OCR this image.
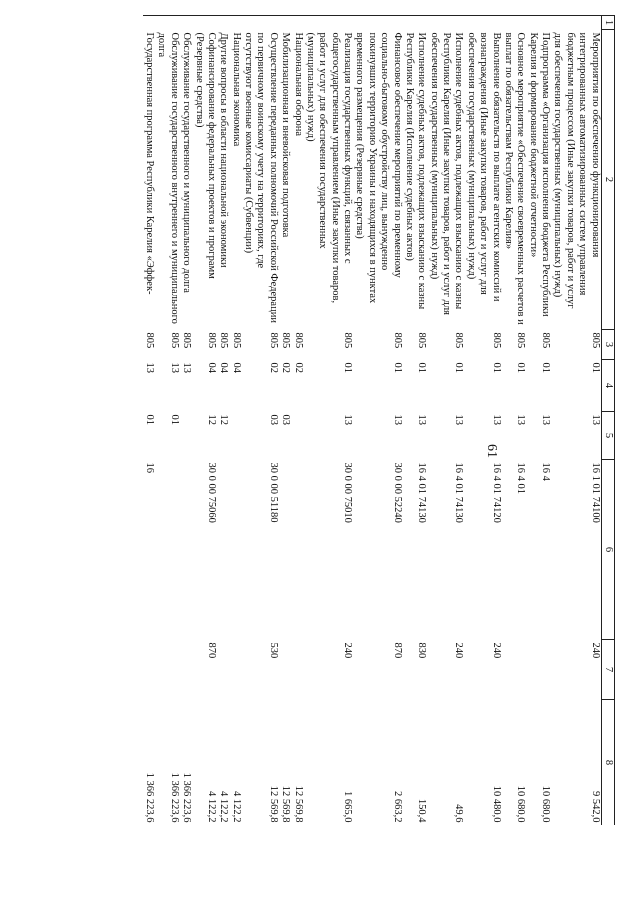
61
1	2	3	4	5	6	7	8
	Мероприятия по обеспечению функционирования интегрированных автоматизированных систем управления бюджетным процессом (Иные закупки товаров, работ и услуг для обеспечения государственных (муниципальных) нужд)	805	01	13	16 1 01 74100	240	9 542,0
	Подпрограмма «Организация исполнения бюджета Республики Карелия и формирование бюджетной отчетности»	805	01	13	16 4		10 680,0
	Основное мероприятие «Обеспечение своевременных расчетов и выплат по обязательствам Республики Карелия»	805	01	13	16 4 01		10 680,0
	Выполнение обязательств по выплате агентских комиссий и вознаграждения (Иные закупки товаров, работ и услуг для обеспечения государственных (муниципальных) нужд)	805	01	13	16 4 01 74120	240	10 480,0
	Исполнение судебных актов, подлежащих взысканию с казны Республики Карелия (Иные закупки товаров, работ и услуг для обеспечения государственных (муниципальных) нужд)	805	01	13	16 4 01 74130	240	49,6
	Исполнение судебных актов, подлежащих взысканию с казны Республики Карелия (Исполнение судебных актов)	805	01	13	16 4 01 74130	830	150,4
	Финансовое обеспечение мероприятий по временному социально-бытовому обустройству лиц, вынужденно покинувших территорию Украины и находящихся в пунктах временного размещения (Резервные средства)	805	01	13	30 0 00 52240	870	2 663,2
	Реализация государственных функций, связанных с общегосударственным управлением (Иные закупки товаров, работ и услуг для обеспечения государственных (муниципальных) нужд)	805	01	13	30 0 00 75010	240	1 665,0
	Национальная оборона	805	02				12 569,8
	Мобилизационная и вневойсковая подготовка	805	02	03			12 569,8
	Осуществление переданных полномочий Российской Федерации по первичному воинскому учету на территориях, где отсутствуют военные комиссариаты (Субвенции)	805	02	03	30 0 00 51180	530	12 569,8
	Национальная экономика	805	04				4 122,2
	Другие вопросы в области национальной экономики	805	04	12			4 122,2
	Софинансирование федеральных проектов и программ (Резервные средства)	805	04	12	30 0 00 75060	870	4 122,2
	Обслуживание государственного и муниципального долга	805	13				1 366 223,6
	Обслуживание государственного внутреннего и муниципального долга	805	13	01			1 366 223,6
	Государственная программа Республики Карелия «Эффек-	805	13	01	16		1 366 223,6
